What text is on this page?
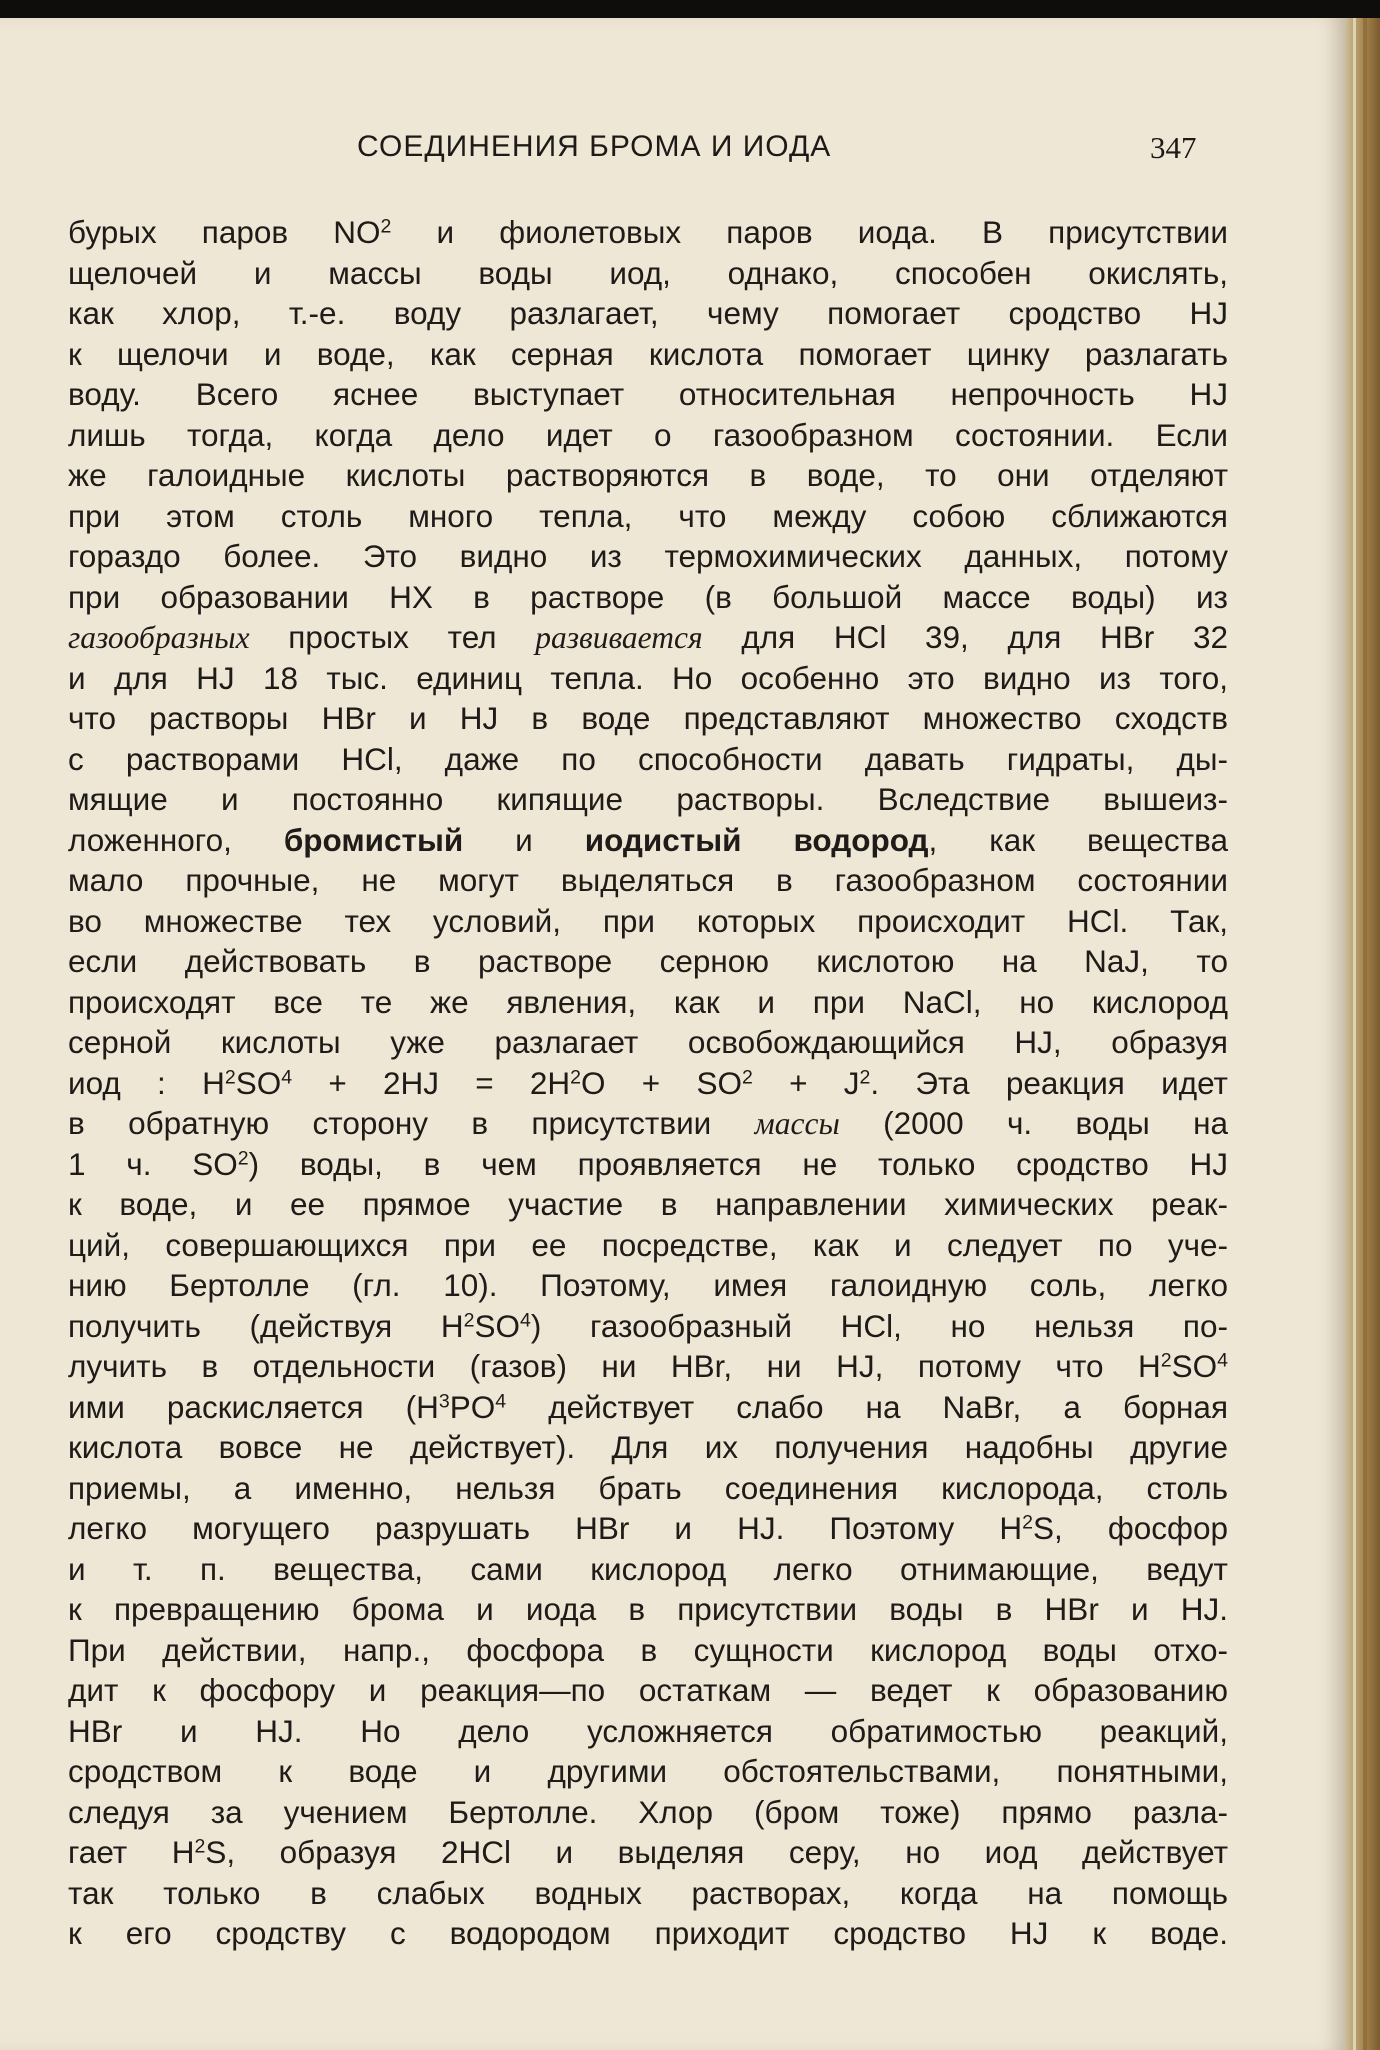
СОЕДИНЕНИЯ БРОМА И ИОДА	347
бурых паров $NO^2$ и фиолетовых паров иода. В присутствии
щелочей и массы воды иод, однако, способен окислять,
как хлор, т.-е. воду разлагает, чему помогает сродство HJ
к щелочи и воде, как серная кислота помогает цинку разлагать
воду. Всего яснее выступает относительная непрочность HJ
лишь тогда, когда дело идет о газообразном состоянии. Если
же галоидные кислоты растворяются в воде, то они отделяют
при этом столь много тепла, что между собою сближаются
гораздо более. Это видно из термохимических данных, потому
при образовании HX в растворе (в большой массе воды) из
газообразных простых тел развивается для HCl 39, для HBr 32
и для HJ 18 тыс. единиц тепла. Но особенно это видно из того,
что растворы HBr и HJ в воде представляют множество сходств
с растворами HCl, даже по способности давать гидраты, ды-
мящие и постоянно кипящие растворы. Вследствие вышеиз-
ложенного, бромистый и иодистый водород, как вещества
мало прочные, не могут выделяться в газообразном состоянии
во множестве тех условий, при которых происходит HCl. Так,
если действовать в растворе серною кислотою на NaJ, то
происходят все те же явления, как и при NaCl, но кислород
серной кислоты уже разлагает освобождающийся HJ, образуя
иод : $H^2SO^4 + 2HJ = 2H^2O + SO^2 + J^2$. Эта реакция идет
в обратную сторону в присутствии массы (2000 ч. воды на
1 ч. $SO^2$) воды, в чем проявляется не только сродство HJ
к воде, и ее прямое участие в направлении химических реак-
ций, совершающихся при ее посредстве, как и следует по уче-
нию Бертолле (гл. 10). Поэтому, имея галоидную соль, легко
получить (действуя $H^2SO^4$) газообразный HCl, но нельзя по-
лучить в отдельности (газов) ни HBr, ни HJ, потому что $H^2SO^4$
ими раскисляется ($H^3PO^4$ действует слабо на NaBr, а борная
кислота вовсе не действует). Для их получения надобны другие
приемы, а именно, нельзя брать соединения кислорода, столь
легко могущего разрушать HBr и HJ. Поэтому $H^2S$, фосфор
и т. п. вещества, сами кислород легко отнимающие, ведут
к превращению брома и иода в присутствии воды в HBr и HJ.
При действии, напр., фосфора в сущности кислород воды отхо-
дит к фосфору и реакция—по остаткам — ведет к образованию
HBr и HJ. Но дело усложняется обратимостью реакций,
сродством к воде и другими обстоятельствами, понятными,
следуя за учением Бертолле. Хлор (бром тоже) прямо разла-
гает $H^2S$, образуя 2HCl и выделяя серу, но иод действует
так только в слабых водных растворах, когда на помощь
к его сродству с водородом приходит сродство HJ к воде.
